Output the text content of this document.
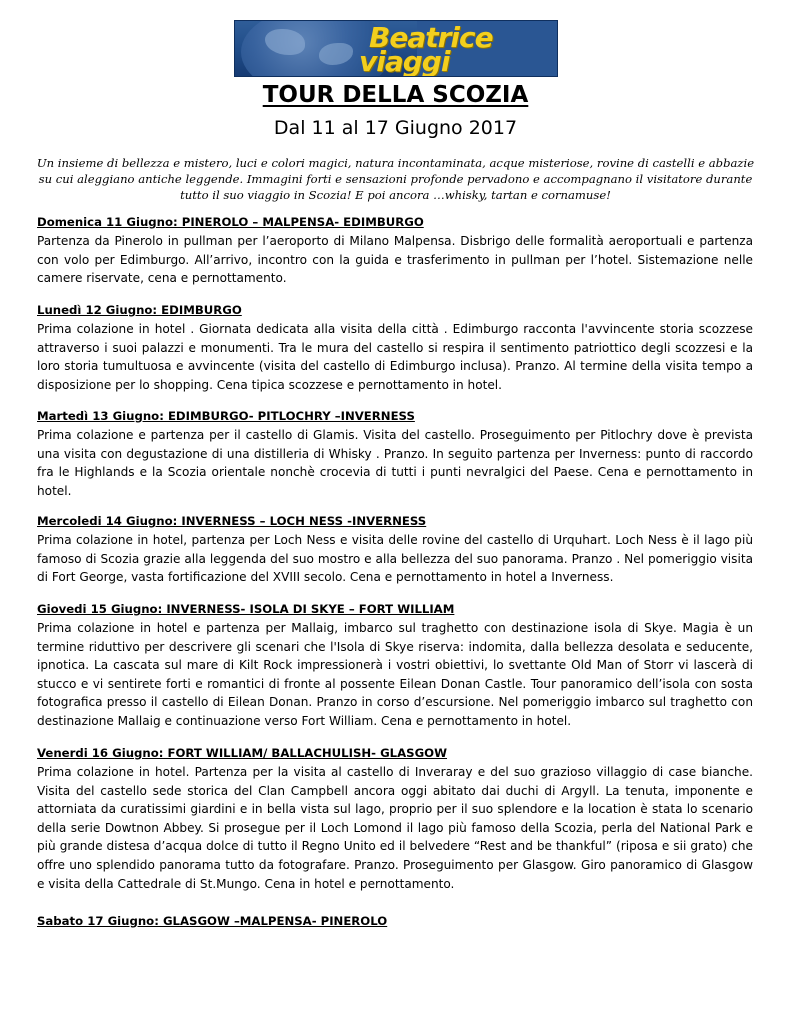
Beatrice
viaggi
TOUR DELLA SCOZIA
Dal 11 al 17 Giugno 2017

Un insieme di bellezza e mistero, luci e colori magici, natura incontaminata, acque misteriose, rovine di castelli e abbazie su cui aleggiano antiche leggende. Immagini forti e sensazioni profonde pervadono e accompagnano il visitatore durante tutto il suo viaggio in Scozia! E poi ancora …whisky, tartan e cornamuse!

Domenica 11 Giugno: PINEROLO – MALPENSA- EDIMBURGO

Partenza da Pinerolo in pullman per l’aeroporto di Milano Malpensa. Disbrigo delle formalità aeroportuali e partenza con volo per Edimburgo. All’arrivo, incontro con la guida e trasferimento in pullman per l’hotel. Sistemazione nelle camere riservate, cena e pernottamento.

Lunedì 12 Giugno: EDIMBURGO

Prima colazione in hotel . Giornata dedicata alla visita della città . Edimburgo racconta l'avvincente storia scozzese attraverso i suoi palazzi e monumenti. Tra le mura del castello si respira il sentimento patriottico degli scozzesi e la loro storia tumultuosa e avvincente (visita del castello di Edimburgo inclusa). Pranzo. Al termine della visita tempo a disposizione per lo shopping. Cena tipica scozzese e pernottamento in hotel.

Martedì 13 Giugno: EDIMBURGO- PITLOCHRY –INVERNESS

Prima colazione e partenza per il castello di Glamis. Visita del castello. Proseguimento per Pitlochry dove è prevista una visita con degustazione di una distilleria di Whisky . Pranzo. In seguito partenza per Inverness: punto di raccordo fra le Highlands e la Scozia orientale nonchè crocevia di tutti i punti nevralgici del Paese. Cena e pernottamento in hotel.

Mercoledi 14 Giugno: INVERNESS – LOCH NESS -INVERNESS

Prima colazione in hotel, partenza per Loch Ness e visita delle rovine del castello di Urquhart. Loch Ness è il lago più famoso di Scozia grazie alla leggenda del suo mostro e alla bellezza del suo panorama. Pranzo . Nel pomeriggio visita di Fort George, vasta fortificazione del XVIII secolo. Cena e pernottamento in hotel a Inverness.

Giovedi 15 Giugno: INVERNESS- ISOLA DI SKYE – FORT WILLIAM

Prima colazione in hotel e partenza per Mallaig, imbarco sul traghetto con destinazione isola di Skye. Magia è un termine riduttivo per descrivere gli scenari che l'Isola di Skye riserva: indomita, dalla bellezza desolata e seducente, ipnotica. La cascata sul mare di Kilt Rock impressionerà i vostri obiettivi, lo svettante Old Man of Storr vi lascerà di stucco e vi sentirete forti e romantici di fronte al possente Eilean Donan Castle. Tour panoramico dell’isola con sosta fotografica presso il castello di Eilean Donan. Pranzo in corso d’escursione. Nel pomeriggio imbarco sul traghetto con destinazione Mallaig e continuazione verso Fort William. Cena e pernottamento in hotel.

Venerdi 16 Giugno: FORT WILLIAM/ BALLACHULISH- GLASGOW

Prima colazione in hotel. Partenza per la visita al castello di Inveraray e del suo grazioso villaggio di case bianche. Visita del castello sede storica del Clan Campbell ancora oggi abitato dai duchi di Argyll. La tenuta, imponente e attorniata da curatissimi giardini e in bella vista sul lago, proprio per il suo splendore e la location è stata lo scenario della serie Dowtnon Abbey. Si prosegue per il Loch Lomond il lago più famoso della Scozia, perla del National Park e più grande distesa d’acqua dolce di tutto il Regno Unito ed il belvedere “Rest and be thankful” (riposa e sii grato) che offre uno splendido panorama tutto da fotografare. Pranzo. Proseguimento per Glasgow. Giro panoramico di Glasgow e visita della Cattedrale di St.Mungo. Cena in hotel e pernottamento.

Sabato 17 Giugno: GLASGOW –MALPENSA- PINEROLO
